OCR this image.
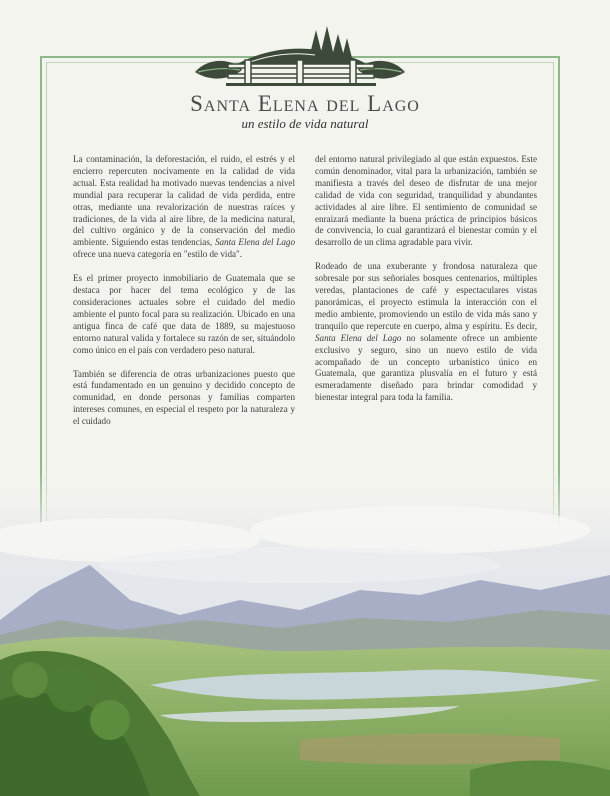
Santa Elena del Lago
un estilo de vida natural

La contaminación, la deforestación, el ruido, el estrés y el encierro repercuten nocivamente en la calidad de vida actual. Esta realidad ha motivado nuevas tendencias a nivel mundial para recuperar la calidad de vida perdida, entre otras, mediante una revalorización de nuestras raíces y tradiciones, de la vida al aire libre, de la medicina natural, del cultivo orgánico y de la conservación del medio ambiente. Siguiendo estas tendencias, Santa Elena del Lago ofrece una nueva categoría en "estilo de vida".

Es el primer proyecto inmobiliario de Guatemala que se destaca por hacer del tema ecológico y de las consideraciones actuales sobre el cuidado del medio ambiente el punto focal para su realización. Ubicado en una antigua finca de café que data de 1889, su majestuoso entorno natural valida y fortalece su razón de ser, situándolo como único en el país con verdadero peso natural.

También se diferencia de otras urbanizaciones puesto que está fundamentado en un genuino y decidido concepto de comunidad, en donde personas y familias comparten intereses comunes, en especial el respeto por la naturaleza y el cuidado

del entorno natural privilegiado al que están expuestos. Este común denominador, vital para la urbanización, también se manifiesta a través del deseo de disfrutar de una mejor calidad de vida con seguridad, tranquilidad y abundantes actividades al aire libre. El sentimiento de comunidad se enraizará mediante la buena práctica de principios básicos de convivencia, lo cual garantizará el bienestar común y el desarrollo de un clima agradable para vivir.

Rodeado de una exuberante y frondosa naturaleza que sobresale por sus señoriales bosques centenarios, múltiples veredas, plantaciones de café y espectaculares vistas panorámicas, el proyecto estimula la interacción con el medio ambiente, promoviendo un estilo de vida más sano y tranquilo que repercute en cuerpo, alma y espíritu. Es decir, Santa Elena del Lago no solamente ofrece un ambiente exclusivo y seguro, sino un nuevo estilo de vida acompañado de un concepto urbanístico único en Guatemala, que garantiza plusvalía en el futuro y está esmeradamente diseñado para brindar comodidad y bienestar integral para toda la familia.
